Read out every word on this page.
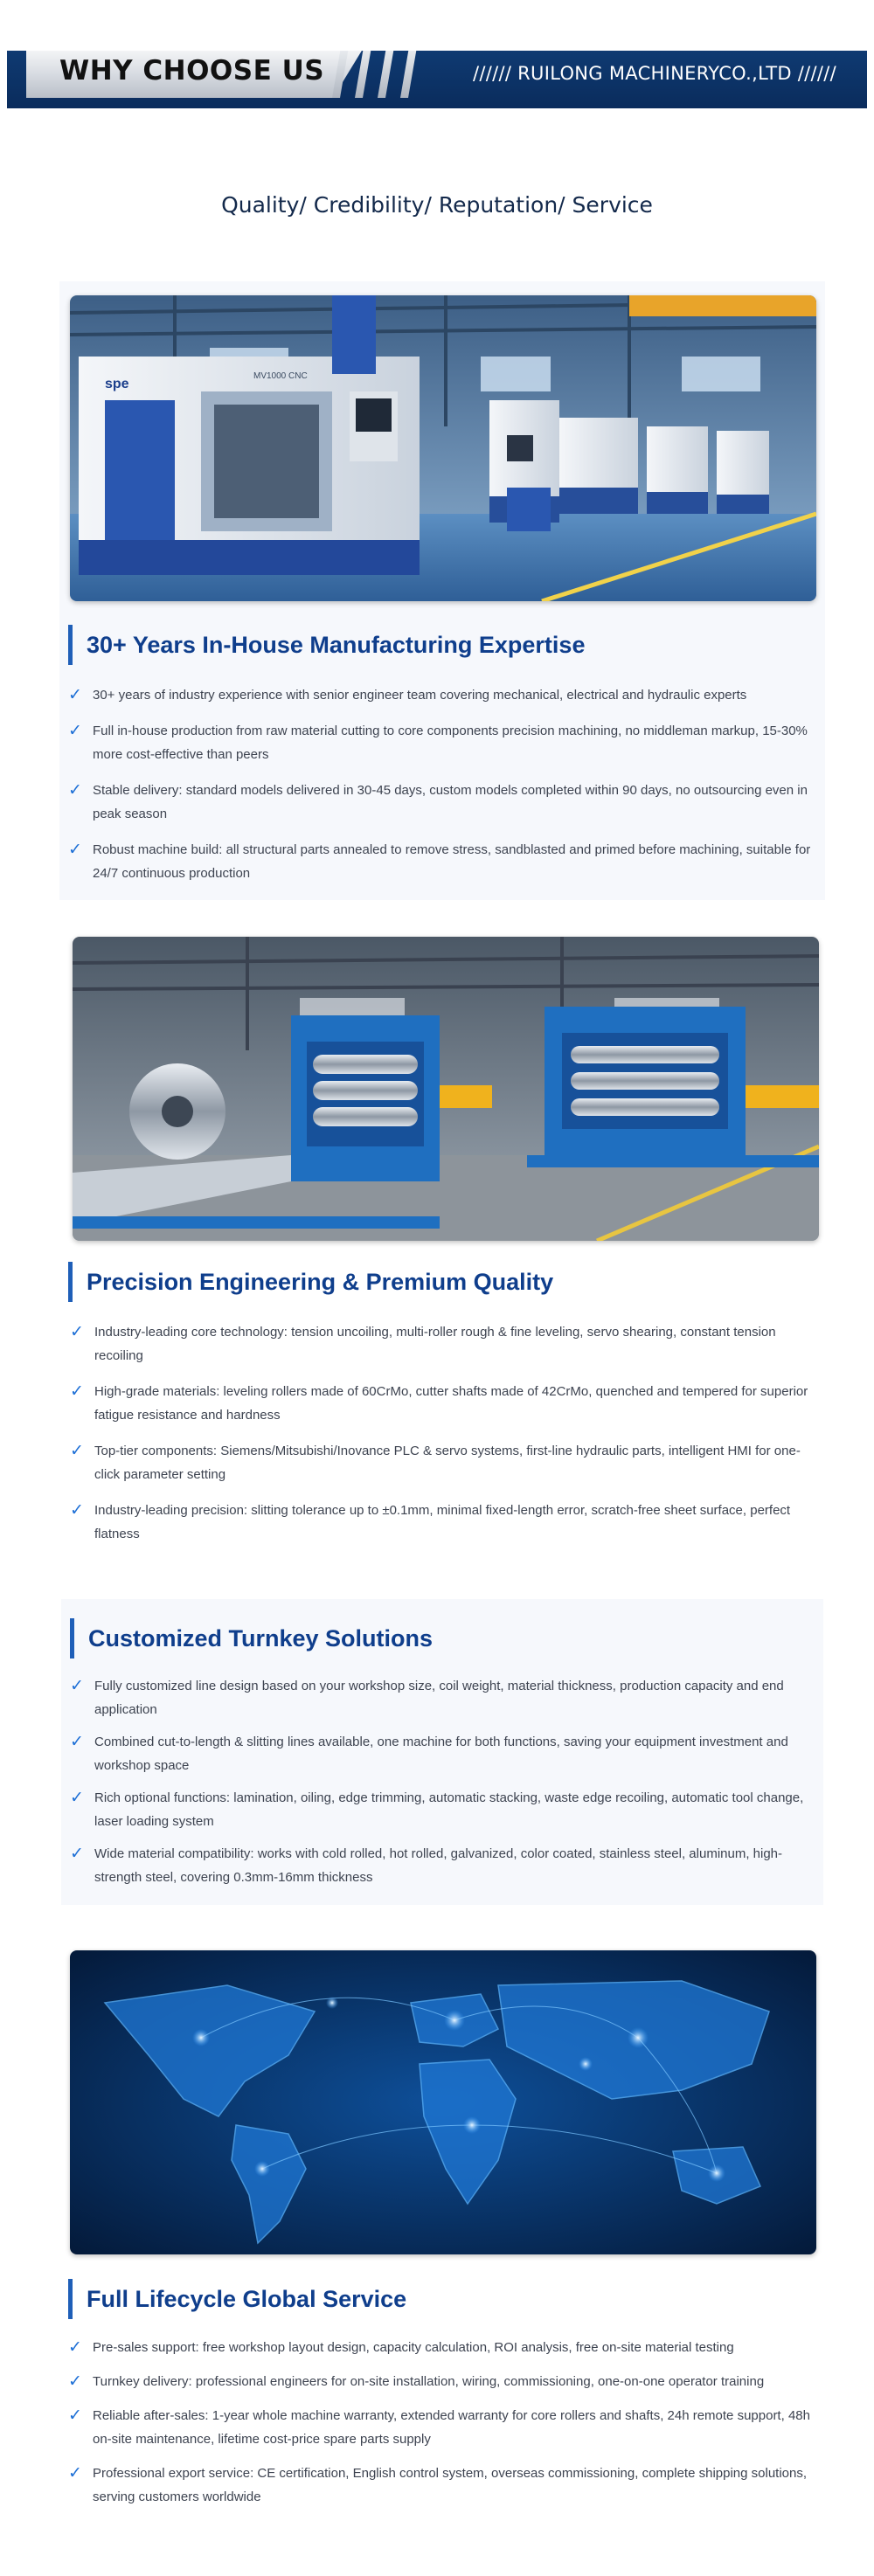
WHY CHOOSE US	////// RUILONG MACHINERYCO.,LTD //////
Quality/ Credibility/ Reputation/ Service
spe
MV1000 CNC
30+ Years In-House Manufacturing Expertise
✓ 30+ years of industry experience with senior engineer team covering mechanical, electrical and hydraulic experts
✓ Full in-house production from raw material cutting to core components precision machining, no middleman markup, 15-30% more cost-effective than peers
✓ Stable delivery: standard models delivered in 30-45 days, custom models completed within 90 days, no outsourcing even in peak season
✓ Robust machine build: all structural parts annealed to remove stress, sandblasted and primed before machining, suitable for 24/7 continuous production
Precision Engineering & Premium Quality
✓ Industry-leading core technology: tension uncoiling, multi-roller rough & fine leveling, servo shearing, constant tension recoiling
✓ High-grade materials: leveling rollers made of 60CrMo, cutter shafts made of 42CrMo, quenched and tempered for superior fatigue resistance and hardness
✓ Top-tier components: Siemens/Mitsubishi/Inovance PLC & servo systems, first-line hydraulic parts, intelligent HMI for one-click parameter setting
✓ Industry-leading precision: slitting tolerance up to ±0.1mm, minimal fixed-length error, scratch-free sheet surface, perfect flatness
Customized Turnkey Solutions
✓ Fully customized line design based on your workshop size, coil weight, material thickness, production capacity and end application
✓ Combined cut-to-length & slitting lines available, one machine for both functions, saving your equipment investment and workshop space
✓ Rich optional functions: lamination, oiling, edge trimming, automatic stacking, waste edge recoiling, automatic tool change, laser loading system
✓ Wide material compatibility: works with cold rolled, hot rolled, galvanized, color coated, stainless steel, aluminum, high-strength steel, covering 0.3mm-16mm thickness
Full Lifecycle Global Service
✓ Pre-sales support: free workshop layout design, capacity calculation, ROI analysis, free on-site material testing
✓ Turnkey delivery: professional engineers for on-site installation, wiring, commissioning, one-on-one operator training
✓ Reliable after-sales: 1-year whole machine warranty, extended warranty for core rollers and shafts, 24h remote support, 48h on-site maintenance, lifetime cost-price spare parts supply
✓ Professional export service: CE certification, English control system, overseas commissioning, complete shipping solutions, serving customers worldwide
